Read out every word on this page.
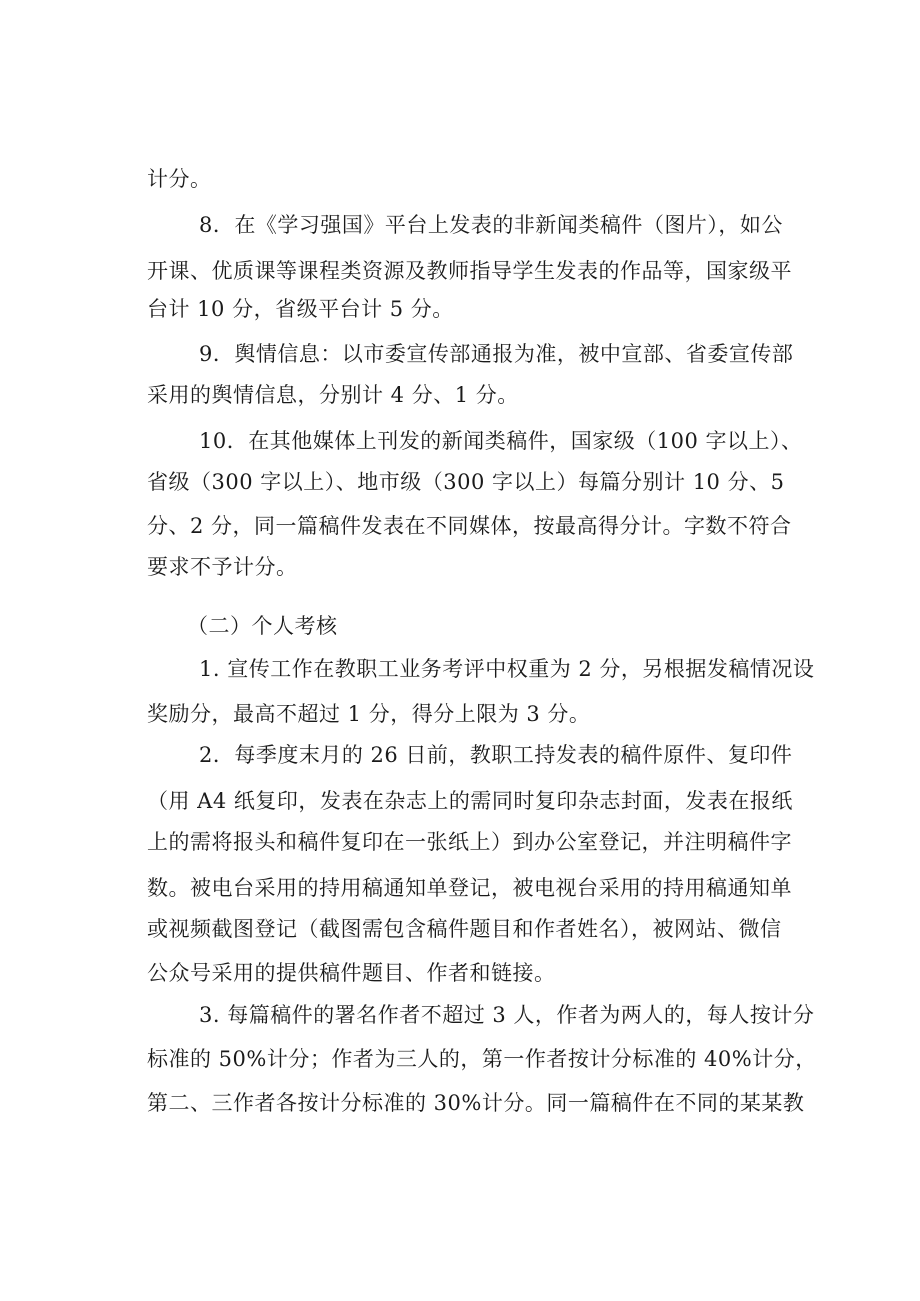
计分。
8．在《学习强国》平台上发表的非新闻类稿件（图片），如公
开课、优质课等课程类资源及教师指导学生发表的作品等，国家级平
台计 10 分，省级平台计 5 分。
9．舆情信息：以市委宣传部通报为准，被中宣部、省委宣传部
采用的舆情信息，分别计 4 分、1 分。
10．在其他媒体上刊发的新闻类稿件，国家级（100 字以上）、
省级（300 字以上）、地市级（300 字以上）每篇分别计 10 分、5
分、2 分，同一篇稿件发表在不同媒体，按最高得分计。字数不符合
要求不予计分。
（二）个人考核
1. 宣传工作在教职工业务考评中权重为 2 分，另根据发稿情况设
奖励分，最高不超过 1 分，得分上限为 3 分。
2．每季度末月的 26 日前，教职工持发表的稿件原件、复印件
（用 A4 纸复印，发表在杂志上的需同时复印杂志封面，发表在报纸
上的需将报头和稿件复印在一张纸上）到办公室登记，并注明稿件字
数。被电台采用的持用稿通知单登记，被电视台采用的持用稿通知单
或视频截图登记（截图需包含稿件题目和作者姓名），被网站、微信
公众号采用的提供稿件题目、作者和链接。
3. 每篇稿件的署名作者不超过 3 人，作者为两人的，每人按计分
标准的 50%计分；作者为三人的，第一作者按计分标准的 40%计分，
第二、三作者各按计分标准的 30%计分。同一篇稿件在不同的某某教
